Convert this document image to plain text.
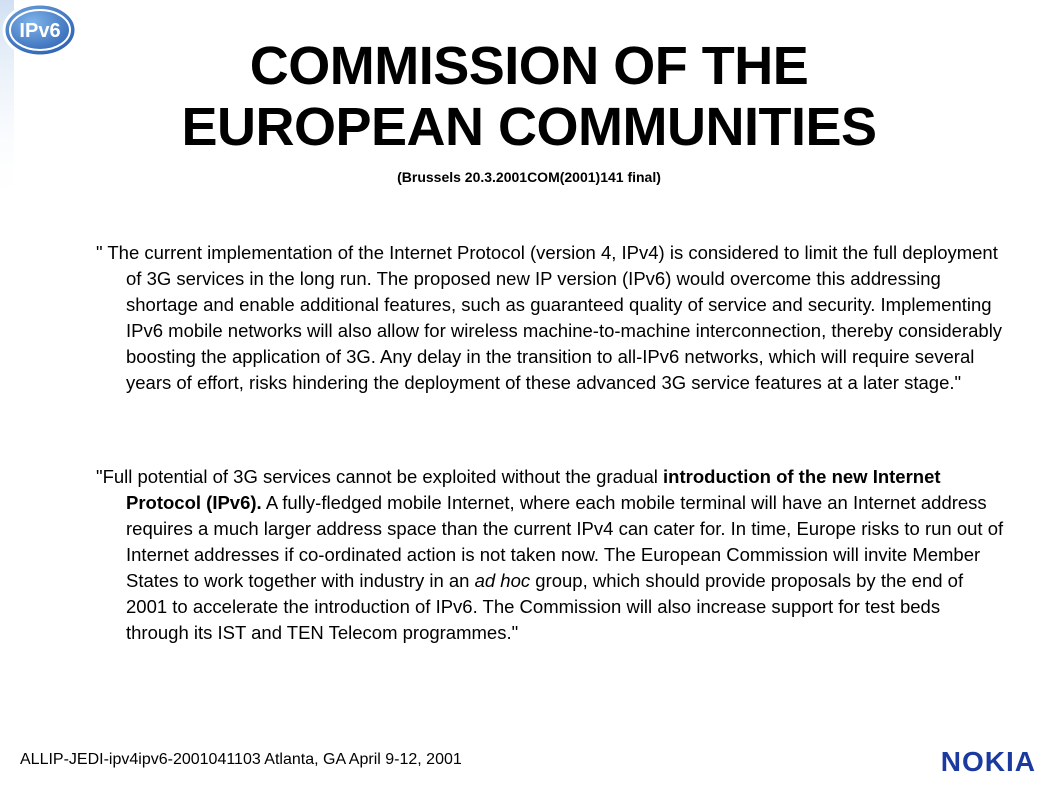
IPv6
COMMISSION OF THE
EUROPEAN COMMUNITIES
(Brussels 20.3.2001COM(2001)141 final)
" The current implementation of the Internet Protocol (version 4, IPv4) is considered to limit the full deployment of 3G services in the long run. The proposed new IP version (IPv6) would overcome this addressing shortage and enable additional features, such as guaranteed quality of service and security. Implementing IPv6 mobile networks will also allow for wireless machine-to-machine interconnection, thereby considerably boosting the application of 3G. Any delay in the transition to all-IPv6 networks, which will require several years of effort, risks hindering the deployment of these advanced 3G service features at a later stage."
"Full potential of 3G services cannot be exploited without the gradual introduction of the new Internet Protocol (IPv6). A fully-fledged mobile Internet, where each mobile terminal will have an Internet address requires a much larger address space than the current IPv4 can cater for. In time, Europe risks to run out of Internet addresses if co-ordinated action is not taken now. The European Commission will invite Member States to work together with industry in an ad hoc group, which should provide proposals by the end of 2001 to accelerate the introduction of IPv6. The Commission will also increase support for test beds through its IST and TEN Telecom programmes."
ALLIP-JEDI-ipv4ipv6-2001041103 Atlanta, GA April 9-12, 2001	NOKIA
